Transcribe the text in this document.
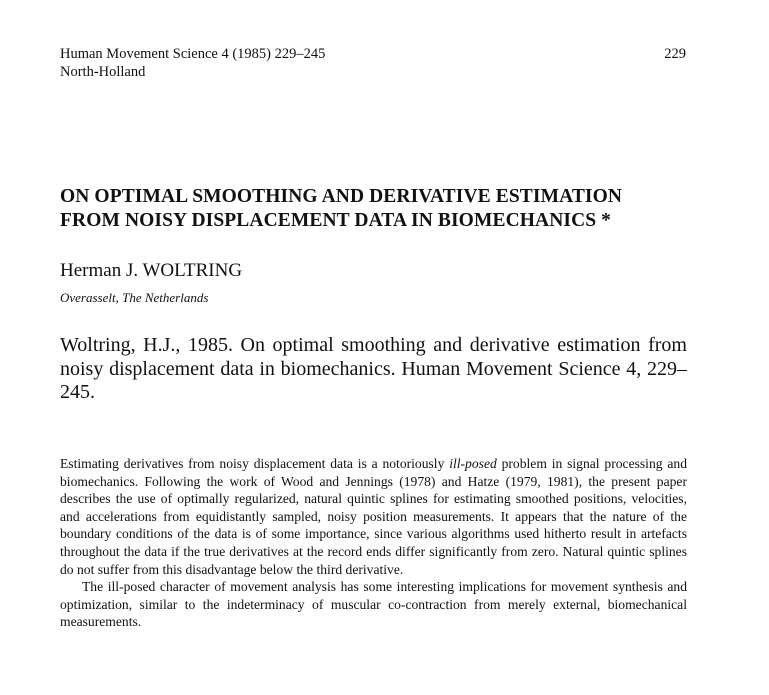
Human Movement Science 4 (1985) 229–245
North-Holland
229
ON OPTIMAL SMOOTHING AND DERIVATIVE ESTIMATION
FROM NOISY DISPLACEMENT DATA IN BIOMECHANICS *
Herman J. WOLTRING
Overasselt, The Netherlands
Woltring, H.J., 1985. On optimal smoothing and derivative estimation from noisy displacement data in biomechanics. Human Movement Science 4, 229–245.

Estimating derivatives from noisy displacement data is a notoriously ill-posed problem in signal processing and biomechanics. Following the work of Wood and Jennings (1978) and Hatze (1979, 1981), the present paper describes the use of optimally regularized, natural quintic splines for estimating smoothed positions, velocities, and accelerations from equidistantly sampled, noisy position measurements. It appears that the nature of the boundary conditions of the data is of some importance, since various algorithms used hitherto result in artefacts throughout the data if the true derivatives at the record ends differ significantly from zero. Natural quintic splines do not suffer from this disadvantage below the third derivative.

The ill-posed character of movement analysis has some interesting implications for movement synthesis and optimization, similar to the indeterminacy of muscular co-contraction from merely external, biomechanical measurements.
